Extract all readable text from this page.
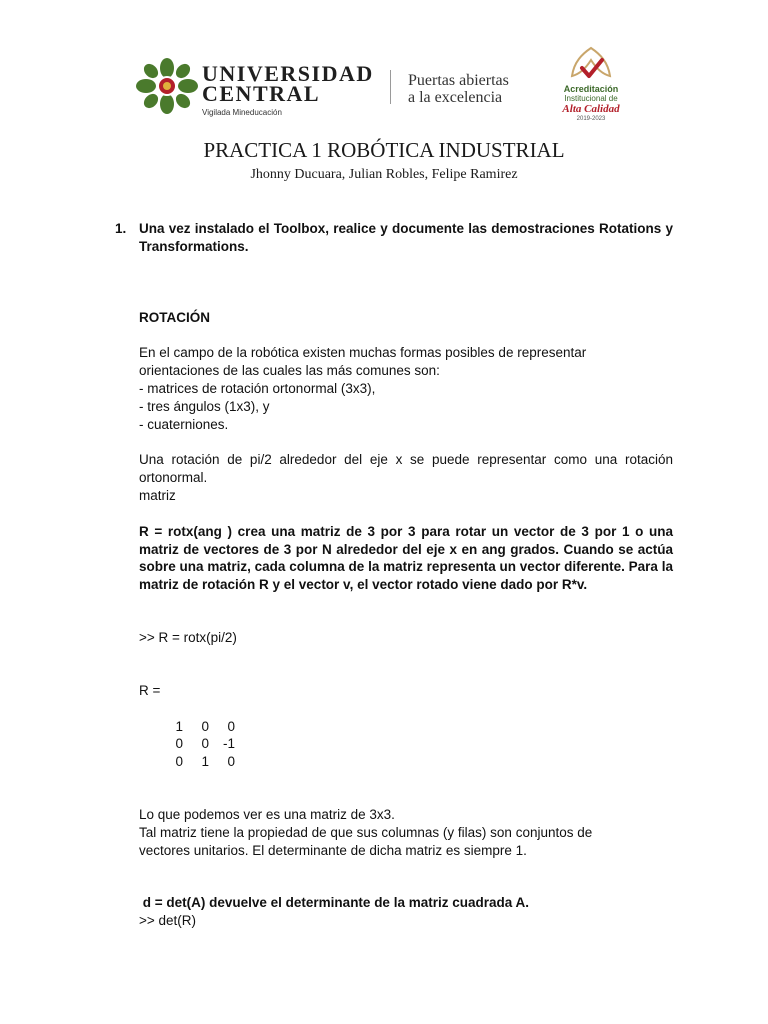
UNIVERSIDAD
CENTRAL
Vigilada Mineducación
Puertas abiertas
a la excelencia	Acreditación
Institucional de
Alta Calidad
2019-2023
PRACTICA 1 ROBÓTICA INDUSTRIAL
Jhonny Ducuara, Julian Robles, Felipe Ramirez
1. Una vez instalado el Toolbox, realice y documente las demostraciones Rotations y Transformations.

ROTACIÓN

En el campo de la robótica existen muchas formas posibles de representar

orientaciones de las cuales las más comunes son:

- matrices de rotación ortonormal (3x3),

- tres ángulos (1x3), y

- cuaterniones.

Una rotación de pi/2 alrededor del eje x se puede representar como una rotación ortonormal.

matriz

R = rotx(ang ) crea una matriz de 3 por 3 para rotar un vector de 3 por 1 o una matriz de vectores de 3 por N alrededor del eje x en ang grados. Cuando se actúa sobre una matriz, cada columna de la matriz representa un vector diferente. Para la matriz de rotación R y el vector v, el vector rotado viene dado por R*v.

>> R = rotx(pi/2)

R =

1 0 0
0 0 -1
0 1 0

Lo que podemos ver es una matriz de 3x3.

Tal matriz tiene la propiedad de que sus columnas (y filas) son conjuntos de

vectores unitarios. El determinante de dicha matriz es siempre 1.

d = det(A) devuelve el determinante de la matriz cuadrada A.

>> det(R)
